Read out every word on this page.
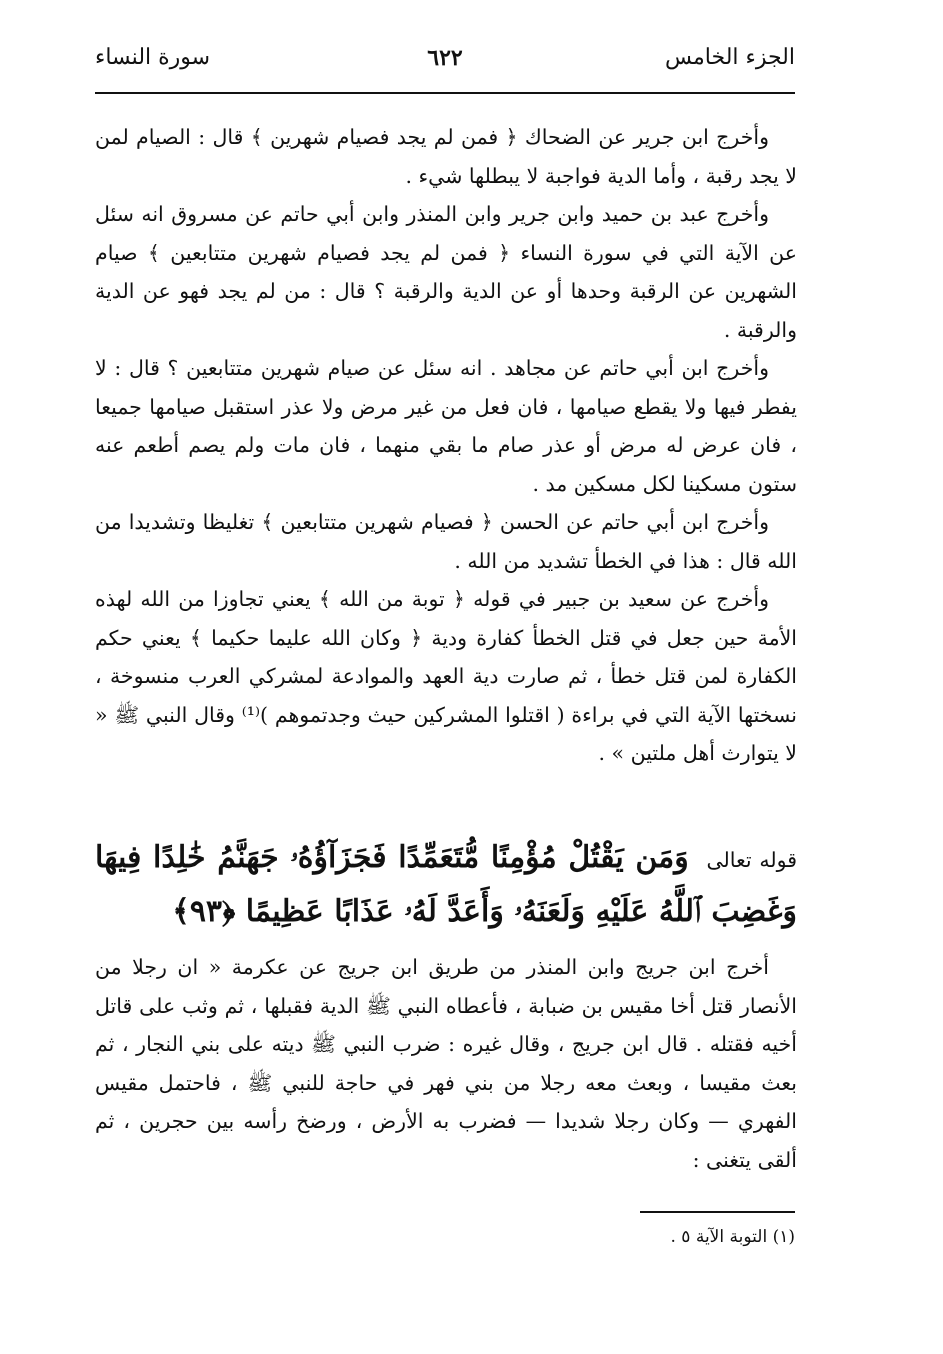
الجزء الخامس
٦٢٢
سورة النساء

وأخرج ابن جرير عن الضحاك ﴿ فمن لم يجد فصيام شهرين ﴾ قال : الصيام لمن لا يجد رقبة ، وأما الدية فواجبة لا يبطلها شيء .

وأخرج عبد بن حميد وابن جرير وابن المنذر وابن أبي حاتم عن مسروق انه سئل عن الآية التي في سورة النساء ﴿ فمن لم يجد فصيام شهرين متتابعين ﴾ صيام الشهرين عن الرقبة وحدها أو عن الدية والرقبة ؟ قال : من لم يجد فهو عن الدية والرقبة .

وأخرج ابن أبي حاتم عن مجاهد . انه سئل عن صيام شهرين متتابعين ؟ قال : لا يفطر فيها ولا يقطع صيامها ، فان فعل من غير مرض ولا عذر استقبل صيامها جميعا ، فان عرض له مرض أو عذر صام ما بقي منهما ، فان مات ولم يصم أطعم عنه ستون مسكينا لكل مسكين مد .

وأخرج ابن أبي حاتم عن الحسن ﴿ فصيام شهرين متتابعين ﴾ تغليظا وتشديدا من الله قال : هذا في الخطأ تشديد من الله .

وأخرج عن سعيد بن جبير في قوله ﴿ توبة من الله ﴾ يعني تجاوزا من الله لهذه الأمة حين جعل في قتل الخطأ كفارة ودية ﴿ وكان الله عليما حكيما ﴾ يعني حكم الكفارة لمن قتل خطأ ، ثم صارت دية العهد والموادعة لمشركي العرب منسوخة ، نسختها الآية التي في براءة ( اقتلوا المشركين حيث وجدتموهم )⁽¹⁾ وقال النبي ﷺ « لا يتوارث أهل ملتين » .

قوله تعالى وَمَن يَقْتُلْ مُؤْمِنًا مُّتَعَمِّدًا فَجَزَآؤُهُۥ جَهَنَّمُ خَٰلِدًا فِيهَا وَغَضِبَ ٱللَّهُ عَلَيْهِ وَلَعَنَهُۥ وَأَعَدَّ لَهُۥ عَذَابًا عَظِيمًا ﴿٩٣﴾

أخرج ابن جريج وابن المنذر من طريق ابن جريج عن عكرمة « ان رجلا من الأنصار قتل أخا مقيس بن ضبابة ، فأعطاه النبي ﷺ الدية فقبلها ، ثم وثب على قاتل أخيه فقتله . قال ابن جريج ، وقال غيره : ضرب النبي ﷺ ديته على بني النجار ، ثم بعث مقيسا ، وبعث معه رجلا من بني فهر في حاجة للنبي ﷺ ، فاحتمل مقيس الفهري — وكان رجلا شديدا — فضرب به الأرض ، ورضخ رأسه بين حجرين ، ثم ألقى يتغنى :

(١) التوبة الآية ٥ .
